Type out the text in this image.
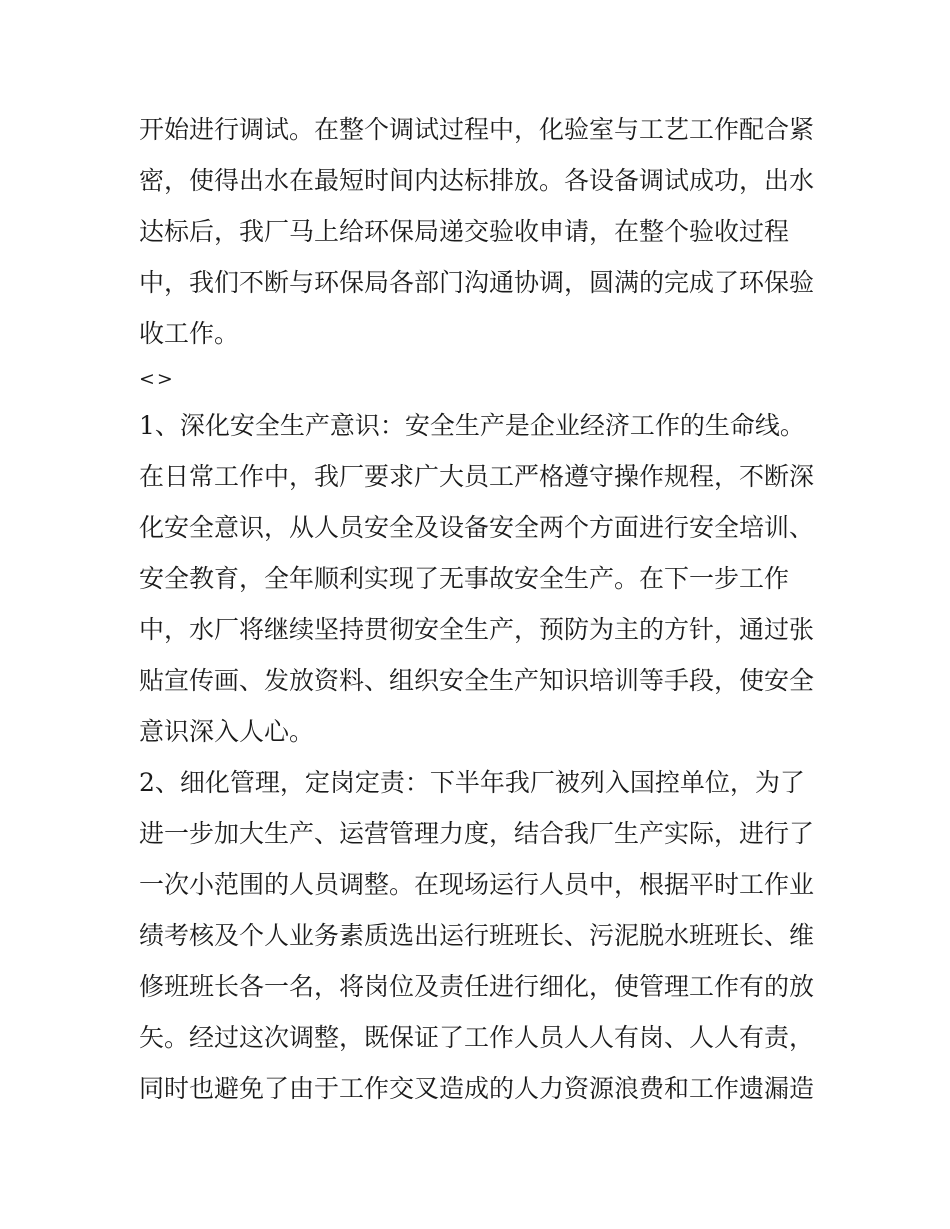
开始进行调试。在整个调试过程中，化验室与工艺工作配合紧
密，使得出水在最短时间内达标排放。各设备调试成功，出水
达标后，我厂马上给环保局递交验收申请，在整个验收过程
中，我们不断与环保局各部门沟通协调，圆满的完成了环保验
收工作。
<>
1、深化安全生产意识：安全生产是企业经济工作的生命线。
在日常工作中，我厂要求广大员工严格遵守操作规程，不断深
化安全意识，从人员安全及设备安全两个方面进行安全培训、
安全教育，全年顺利实现了无事故安全生产。在下一步工作
中，水厂将继续坚持贯彻安全生产，预防为主的方针，通过张
贴宣传画、发放资料、组织安全生产知识培训等手段，使安全
意识深入人心。
2、细化管理，定岗定责：下半年我厂被列入国控单位，为了
进一步加大生产、运营管理力度，结合我厂生产实际，进行了
一次小范围的人员调整。在现场运行人员中，根据平时工作业
绩考核及个人业务素质选出运行班班长、污泥脱水班班长、维
修班班长各一名，将岗位及责任进行细化，使管理工作有的放
矢。经过这次调整，既保证了工作人员人人有岗、人人有责，
同时也避免了由于工作交叉造成的人力资源浪费和工作遗漏造
